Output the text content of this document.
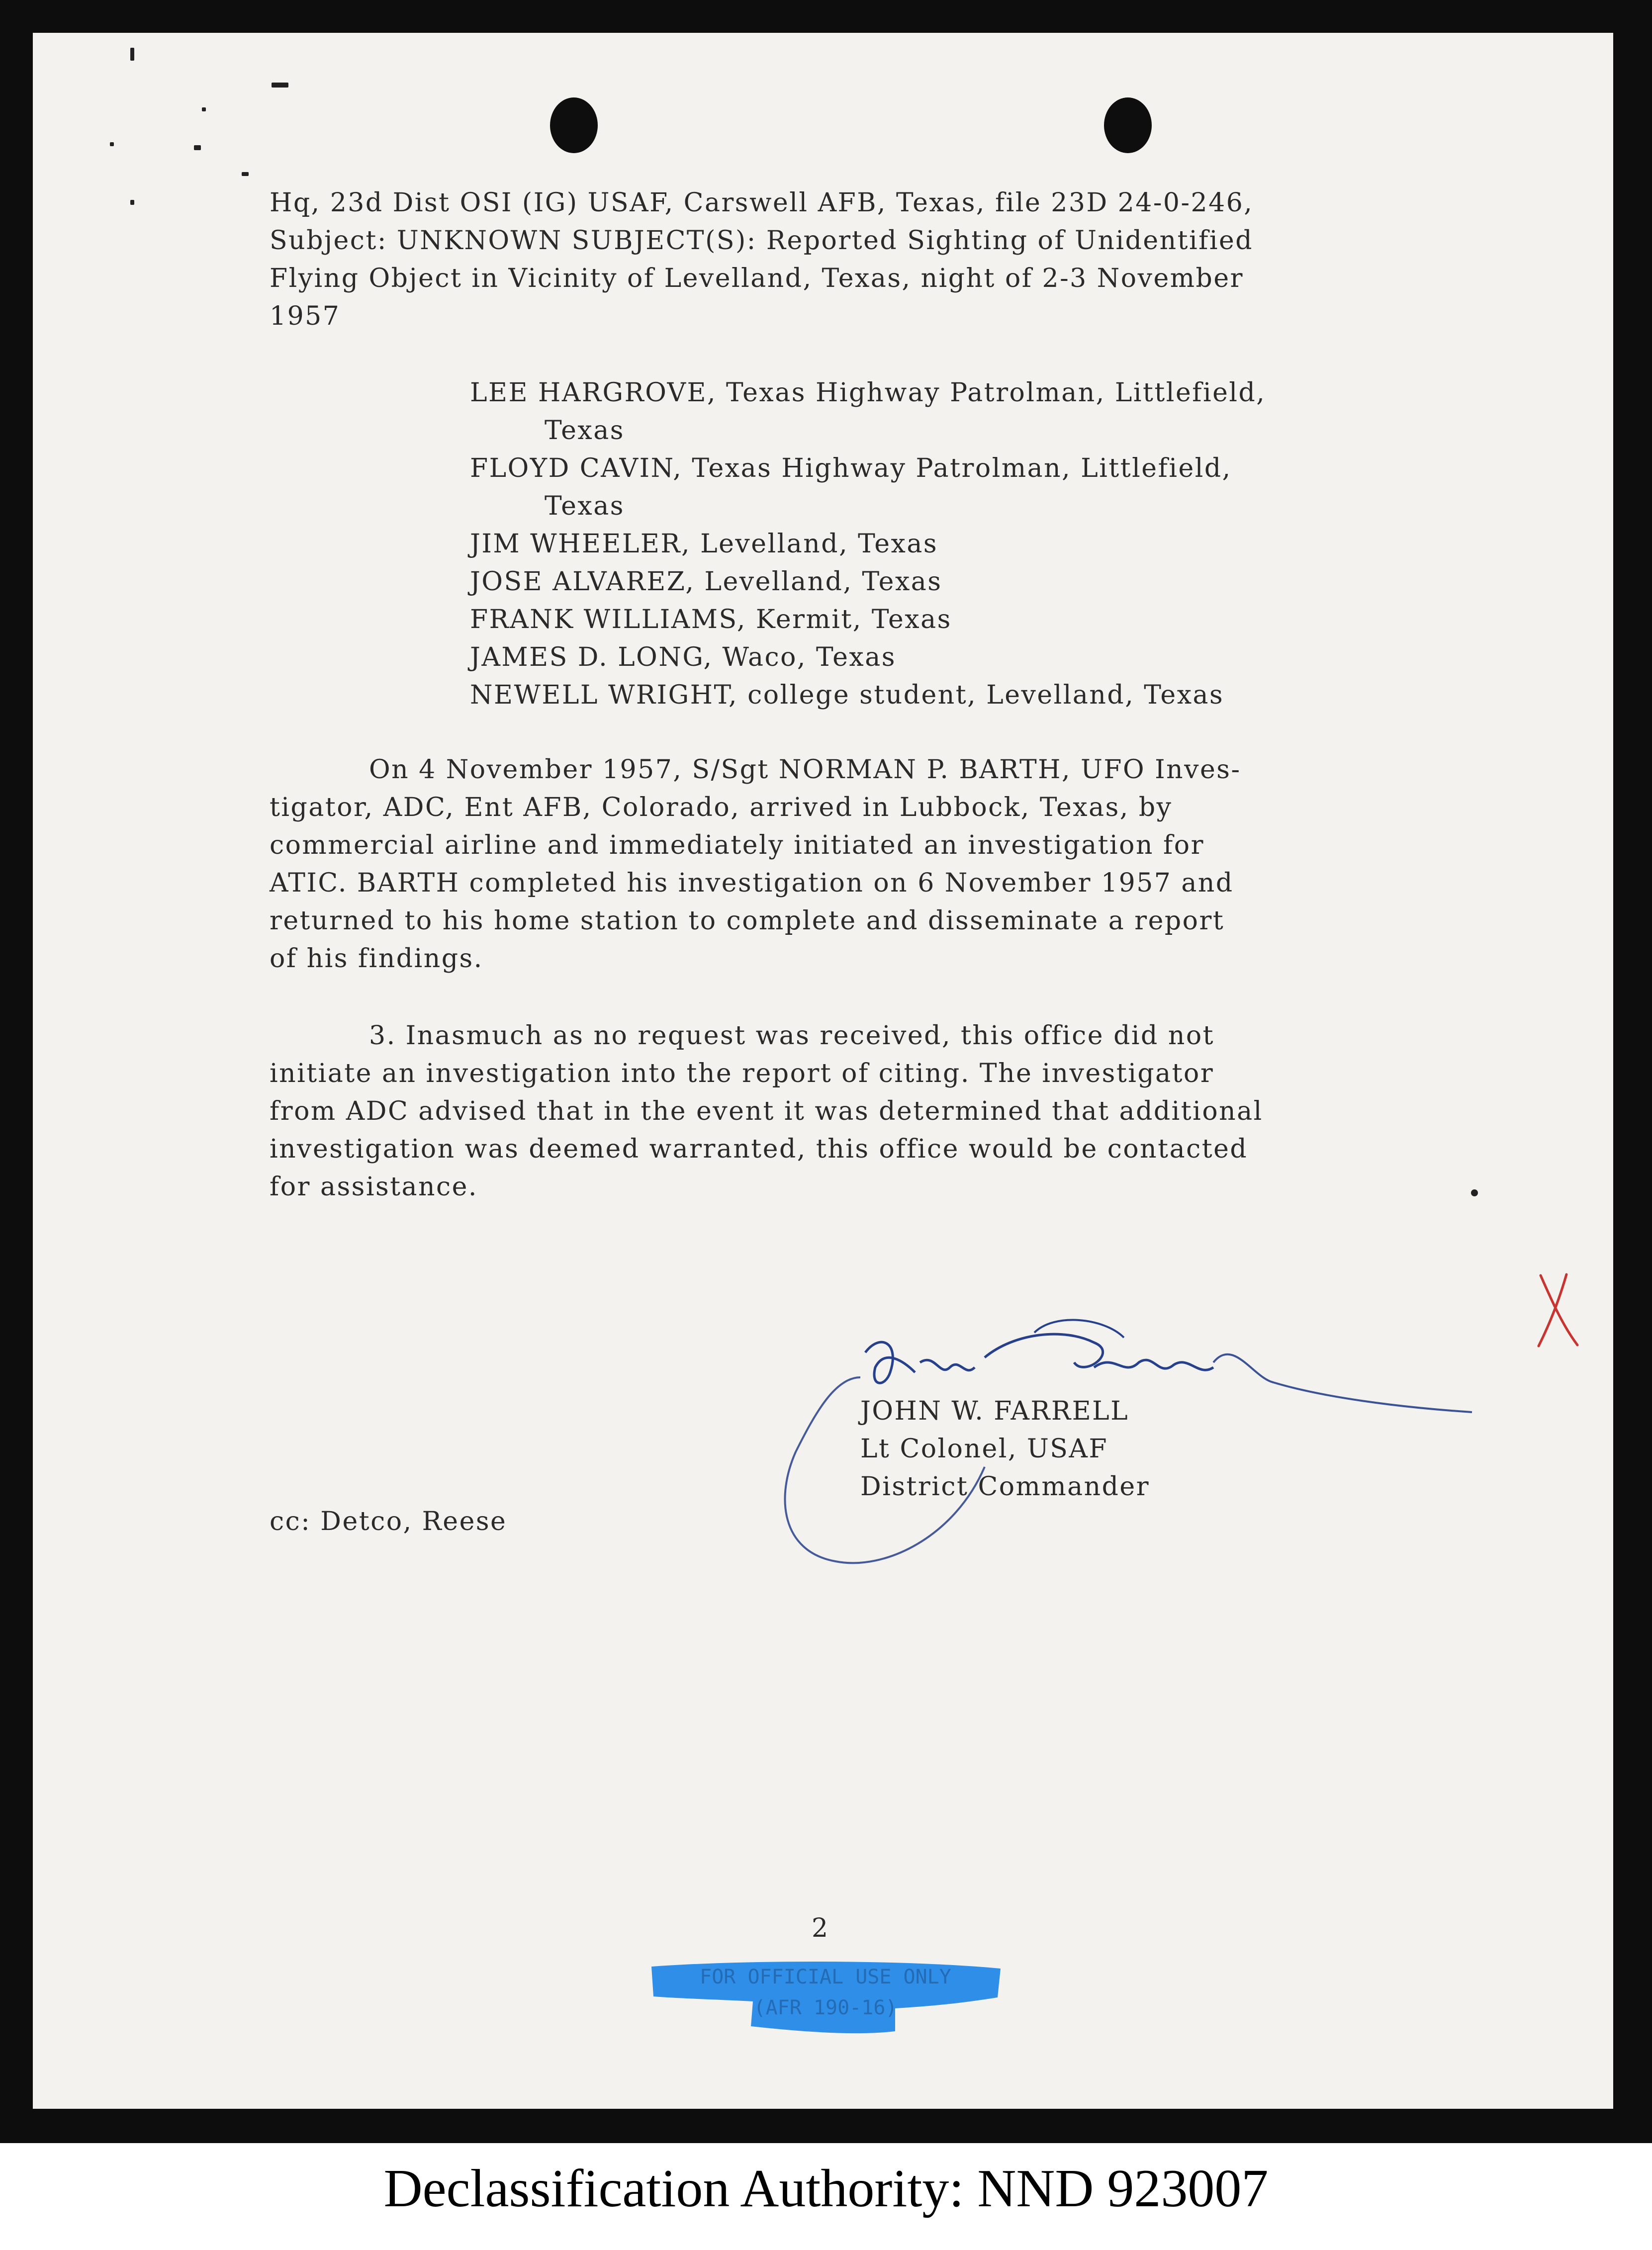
Hq, 23d Dist OSI (IG) USAF, Carswell AFB, Texas, file 23D 24-0-246,
Subject: UNKNOWN SUBJECT(S): Reported Sighting of Unidentified
Flying Object in Vicinity of Levelland, Texas, night of 2-3 November
1957
LEE HARGROVE, Texas Highway Patrolman, Littlefield,
Texas
FLOYD CAVIN, Texas Highway Patrolman, Littlefield,
Texas
JIM WHEELER, Levelland, Texas
JOSE ALVAREZ, Levelland, Texas
FRANK WILLIAMS, Kermit, Texas
JAMES D. LONG, Waco, Texas
NEWELL WRIGHT, college student, Levelland, Texas
On 4 November 1957, S/Sgt NORMAN P. BARTH, UFO Inves-
tigator, ADC, Ent AFB, Colorado, arrived in Lubbock, Texas, by
commercial airline and immediately initiated an investigation for
ATIC. BARTH completed his investigation on 6 November 1957 and
returned to his home station to complete and disseminate a report
of his findings.
3. Inasmuch as no request was received, this office did not
initiate an investigation into the report of citing. The investigator
from ADC advised that in the event it was determined that additional
investigation was deemed warranted, this office would be contacted
for assistance.
JOHN W. FARRELL
Lt Colonel, USAF
District Commander
cc: Detco, Reese
2
FOR OFFICIAL USE ONLY
(AFR 190-16)
Declassification Authority: NND 923007
